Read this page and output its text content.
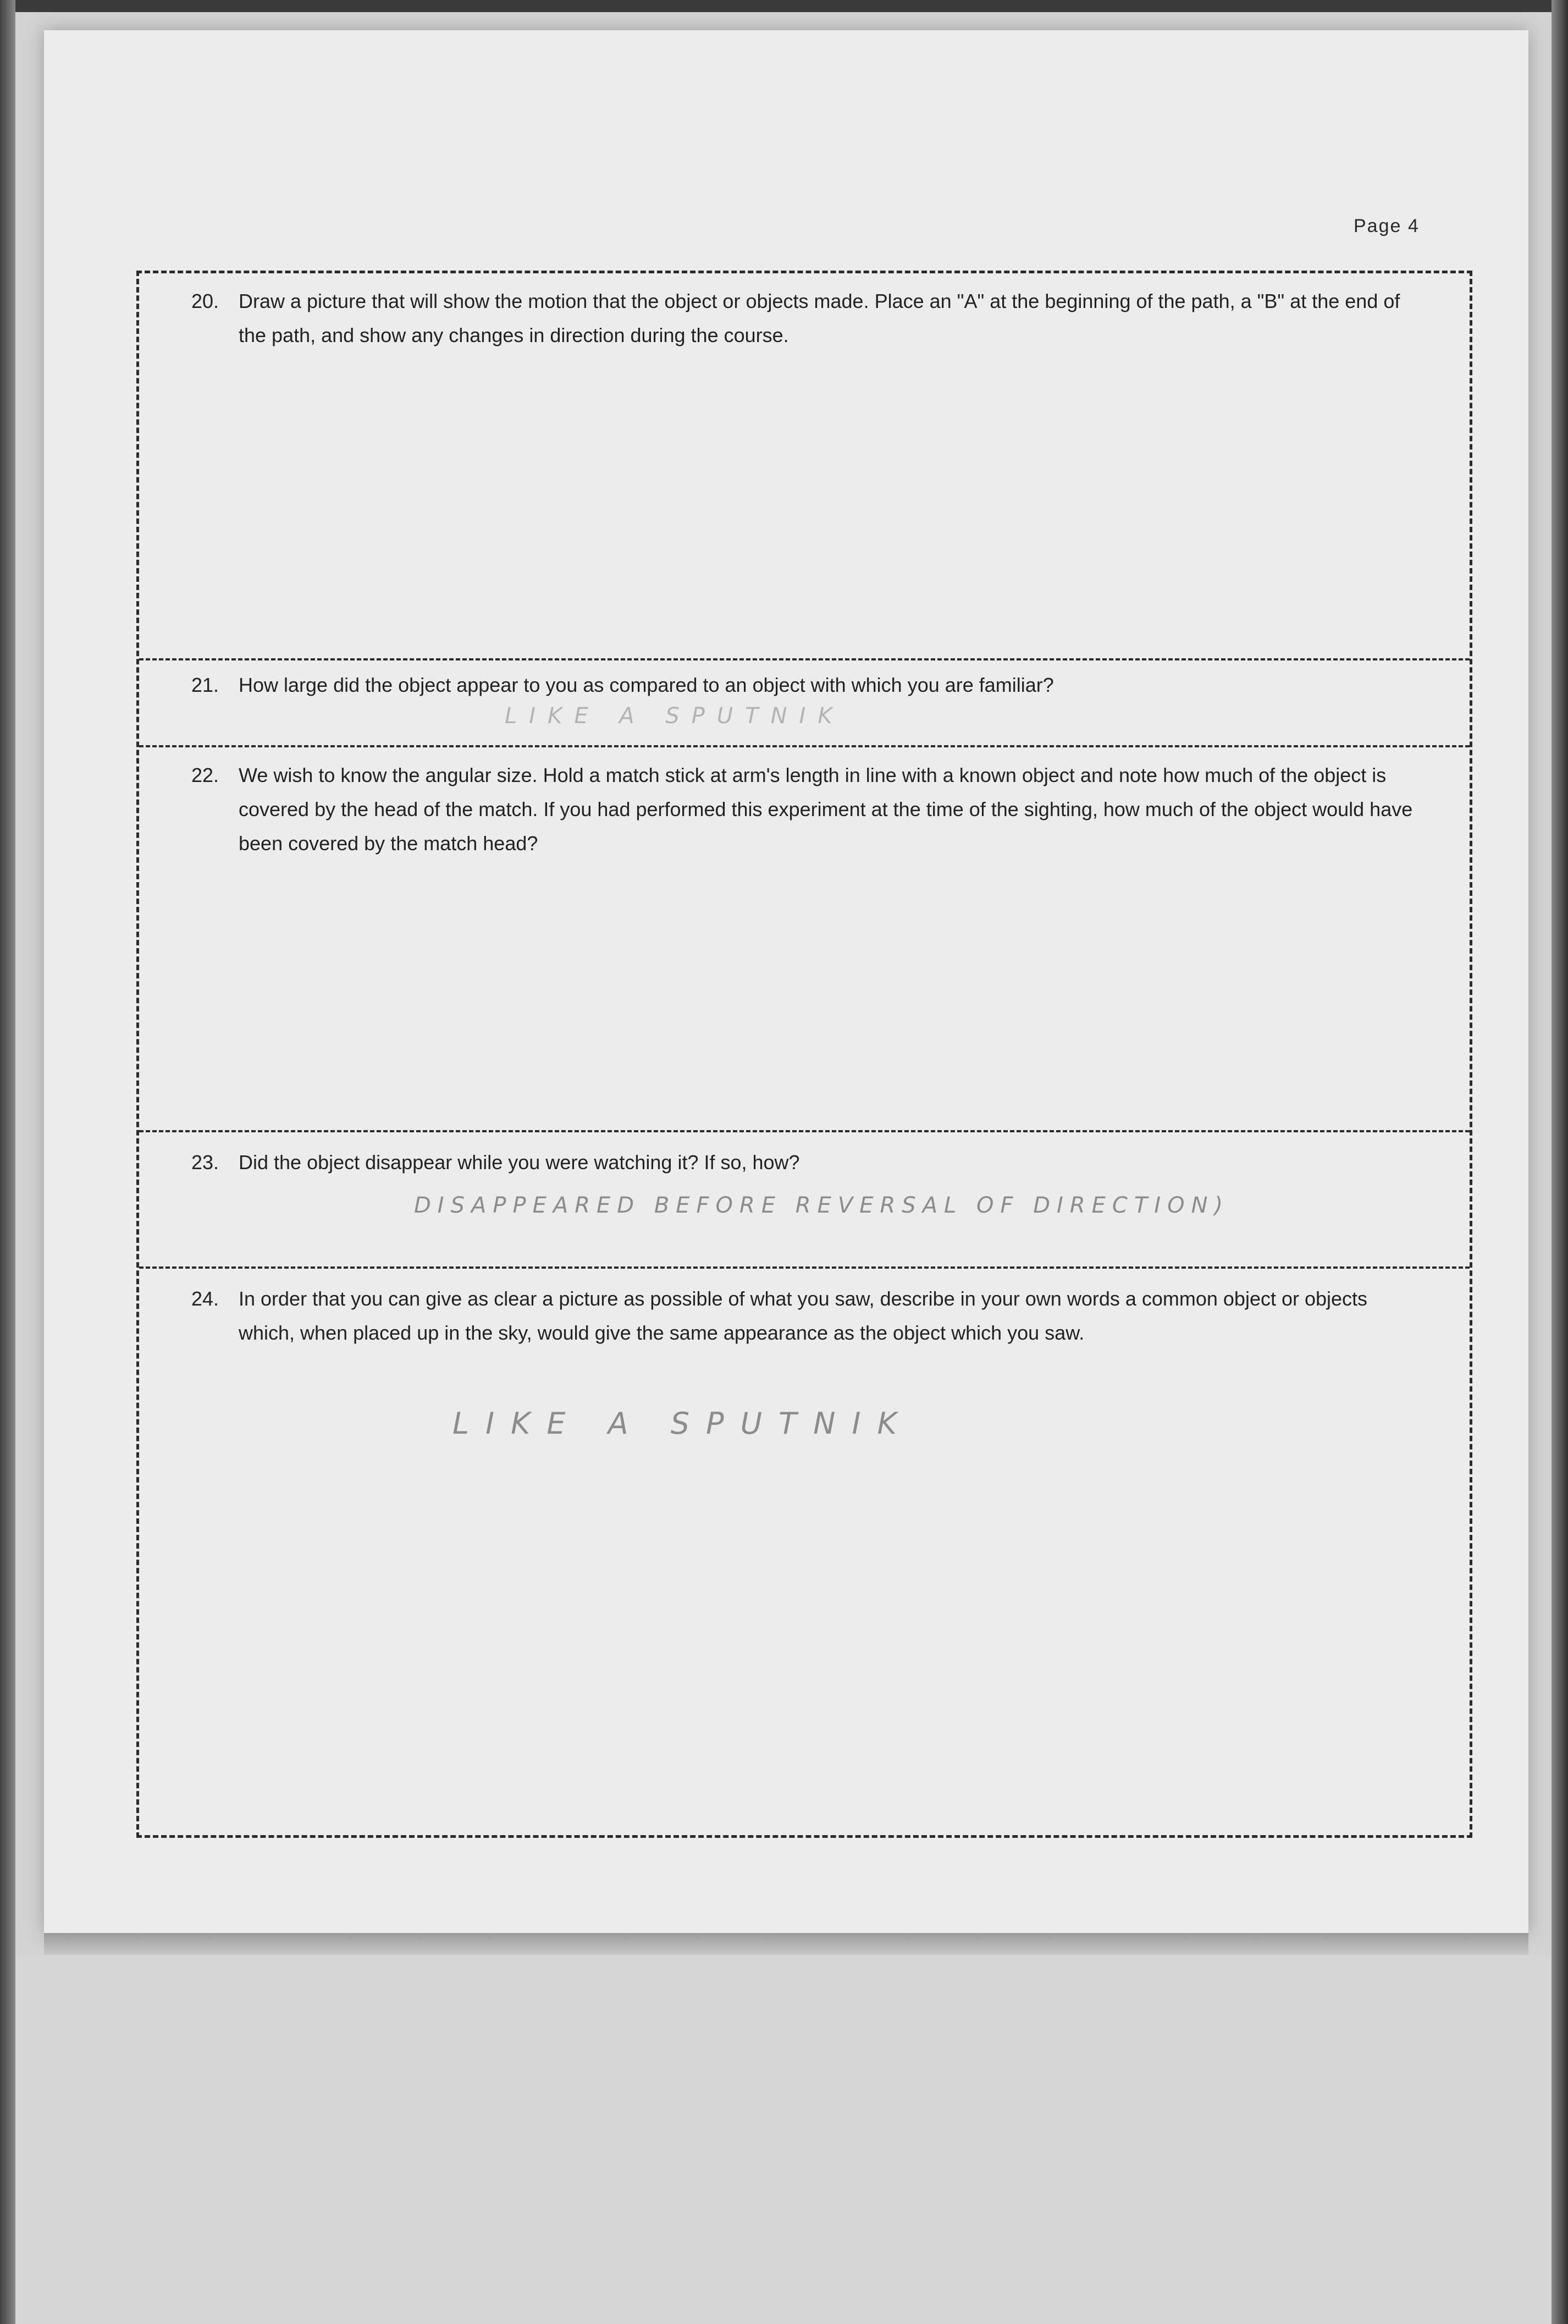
Page 4
20. Draw a picture that will show the motion that the object or objects made. Place an "A" at the beginning of the path, a "B" at the end of the path, and show any changes in direction during the course.
21. How large did the object appear to you as compared to an object with which you are familiar?
LIKE A SPUTNIK
22. We wish to know the angular size. Hold a match stick at arm's length in line with a known object and note how much of the object is covered by the head of the match. If you had performed this experiment at the time of the sighting, how much of the object would have been covered by the match head?
23. Did the object disappear while you were watching it? If so, how?
DISAPPEARED BEFORE REVERSAL OF DIRECTION)
24. In order that you can give as clear a picture as possible of what you saw, describe in your own words a common object or objects which, when placed up in the sky, would give the same appearance as the object which you saw.
LIKE A SPUTNIK
